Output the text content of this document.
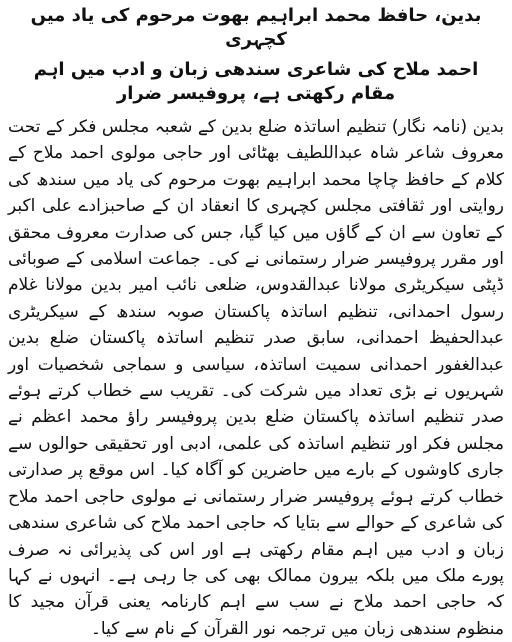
بدین، حافظ محمد ابراہیم بھوت مرحوم کی یاد میں کچہری
احمد ملاح کی شاعری سندھی زبان و ادب میں اہم مقام رکھتی ہے، پروفیسر ضرار

بدین (نامہ نگار) تنظیم اساتذہ ضلع بدین کے شعبہ مجلس فکر کے تحت معروف شاعر شاہ عبداللطیف بھٹائی اور حاجی مولوی احمد ملاح کے کلام کے حافظ چاچا محمد ابراہیم بھوت مرحوم کی یاد میں سندھ کی روایتی اور ثقافتی مجلس کچہری کا انعقاد ان کے صاحبزادے علی اکبر کے تعاون سے ان کے گاؤں میں کیا گیا، جس کی صدارت معروف محقق اور مقرر پروفیسر ضرار رستمانی نے کی۔ جماعت اسلامی کے صوبائی ڈپٹی سیکریٹری مولانا عبدالقدوس، ضلعی نائب امیر بدین مولانا غلام رسول احمدانی، تنظیم اساتذہ پاکستان صوبہ سندھ کے سیکریٹری عبدالحفیظ احمدانی، سابق صدر تنظیم اساتذہ پاکستان ضلع بدین عبدالغفور احمدانی سمیت اساتذہ، سیاسی و سماجی شخصیات اور شہریوں نے بڑی تعداد میں شرکت کی۔ تقریب سے خطاب کرتے ہوئے صدر تنظیم اساتذہ پاکستان ضلع بدین پروفیسر راؤ محمد اعظم نے مجلس فکر اور تنظیم اساتذہ کی علمی، ادبی اور تحقیقی حوالوں سے جاری کاوشوں کے بارے میں حاضرین کو آگاہ کیا۔ اس موقع پر صدارتی خطاب کرتے ہوئے پروفیسر ضرار رستمانی نے مولوی حاجی احمد ملاح کی شاعری کے حوالے سے بتایا کہ حاجی احمد ملاح کی شاعری سندھی زبان و ادب میں اہم مقام رکھتی ہے اور اس کی پذیرائی نہ صرف پورے ملک میں بلکہ بیرون ممالک بھی کی جا رہی ہے۔ انہوں نے کہا کہ حاجی احمد ملاح نے سب سے اہم کارنامہ یعنی قرآن مجید کا منظوم سندھی زبان میں ترجمہ نور القرآن کے نام سے کیا۔
